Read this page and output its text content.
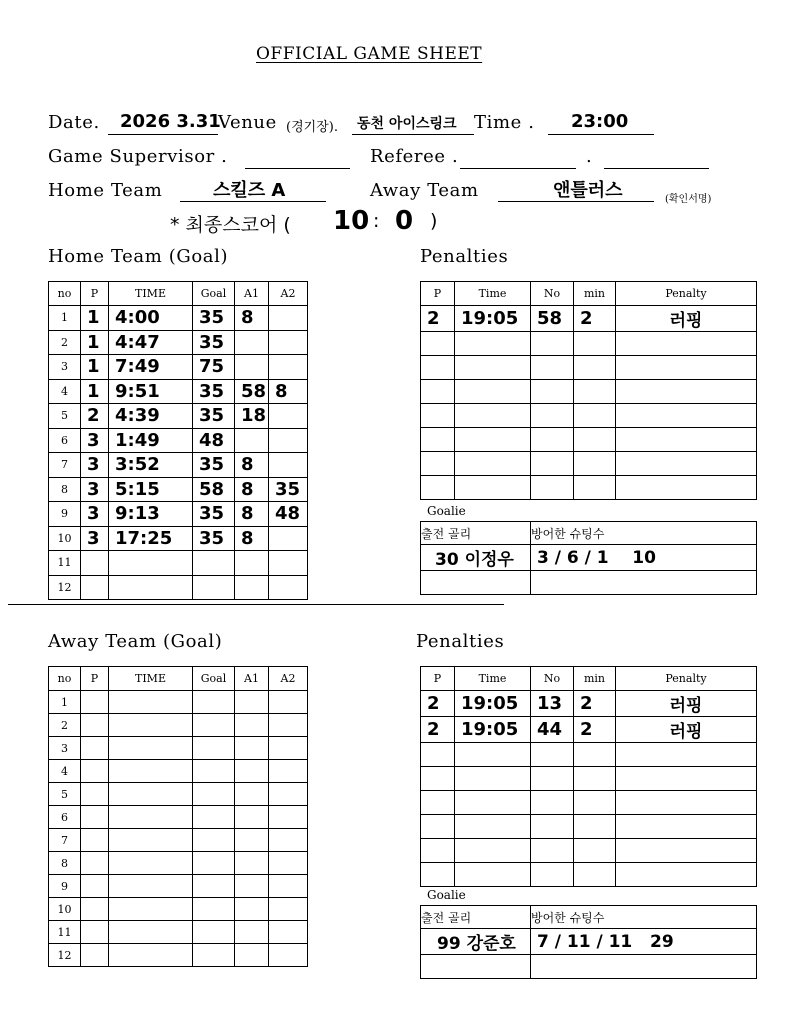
OFFICIAL GAME SHEET
Date. 2026 3.31
Venue (경기장). 동천 아이스링크 Time . 23:00
Game Supervisor .	Referee .	.
Home Team	스킬즈 A	Away Team	앤틀러스	(확인서명)
* 최종스코어 ( 10 : 0 )
Home Team (Goal)
no	P	TIME	Goal	A1	A2
1	1	4:00	35	8	
2	1	4:47	35		
3	1	7:49	75		
4	1	9:51	35	58	8
5	2	4:39	35	18	
6	3	1:49	48		
7	3	3:52	35	8	
8	3	5:15	58	8	35
9	3	9:13	35	8	48
10	3	17:25	35	8	
11					
12					
Penalties
P	Time	No	min	Penalty
2	19:05	58	2	러핑

Goalie
출전 골리	방어한 슈팅수
30 이정우	3 / 6 / 1    10

Away Team (Goal)
no	P	TIME	Goal	A1	A2
1					
2					
3					
4					
5					
6					
7					
8					
9					
10					
11					
12					
Penalties
P	Time	No	min	Penalty
2	19:05	13	2	러핑
2	19:05	44	2	러핑

Goalie
출전 골리	방어한 슈팅수
99 강준호	7 / 11 / 11   29
